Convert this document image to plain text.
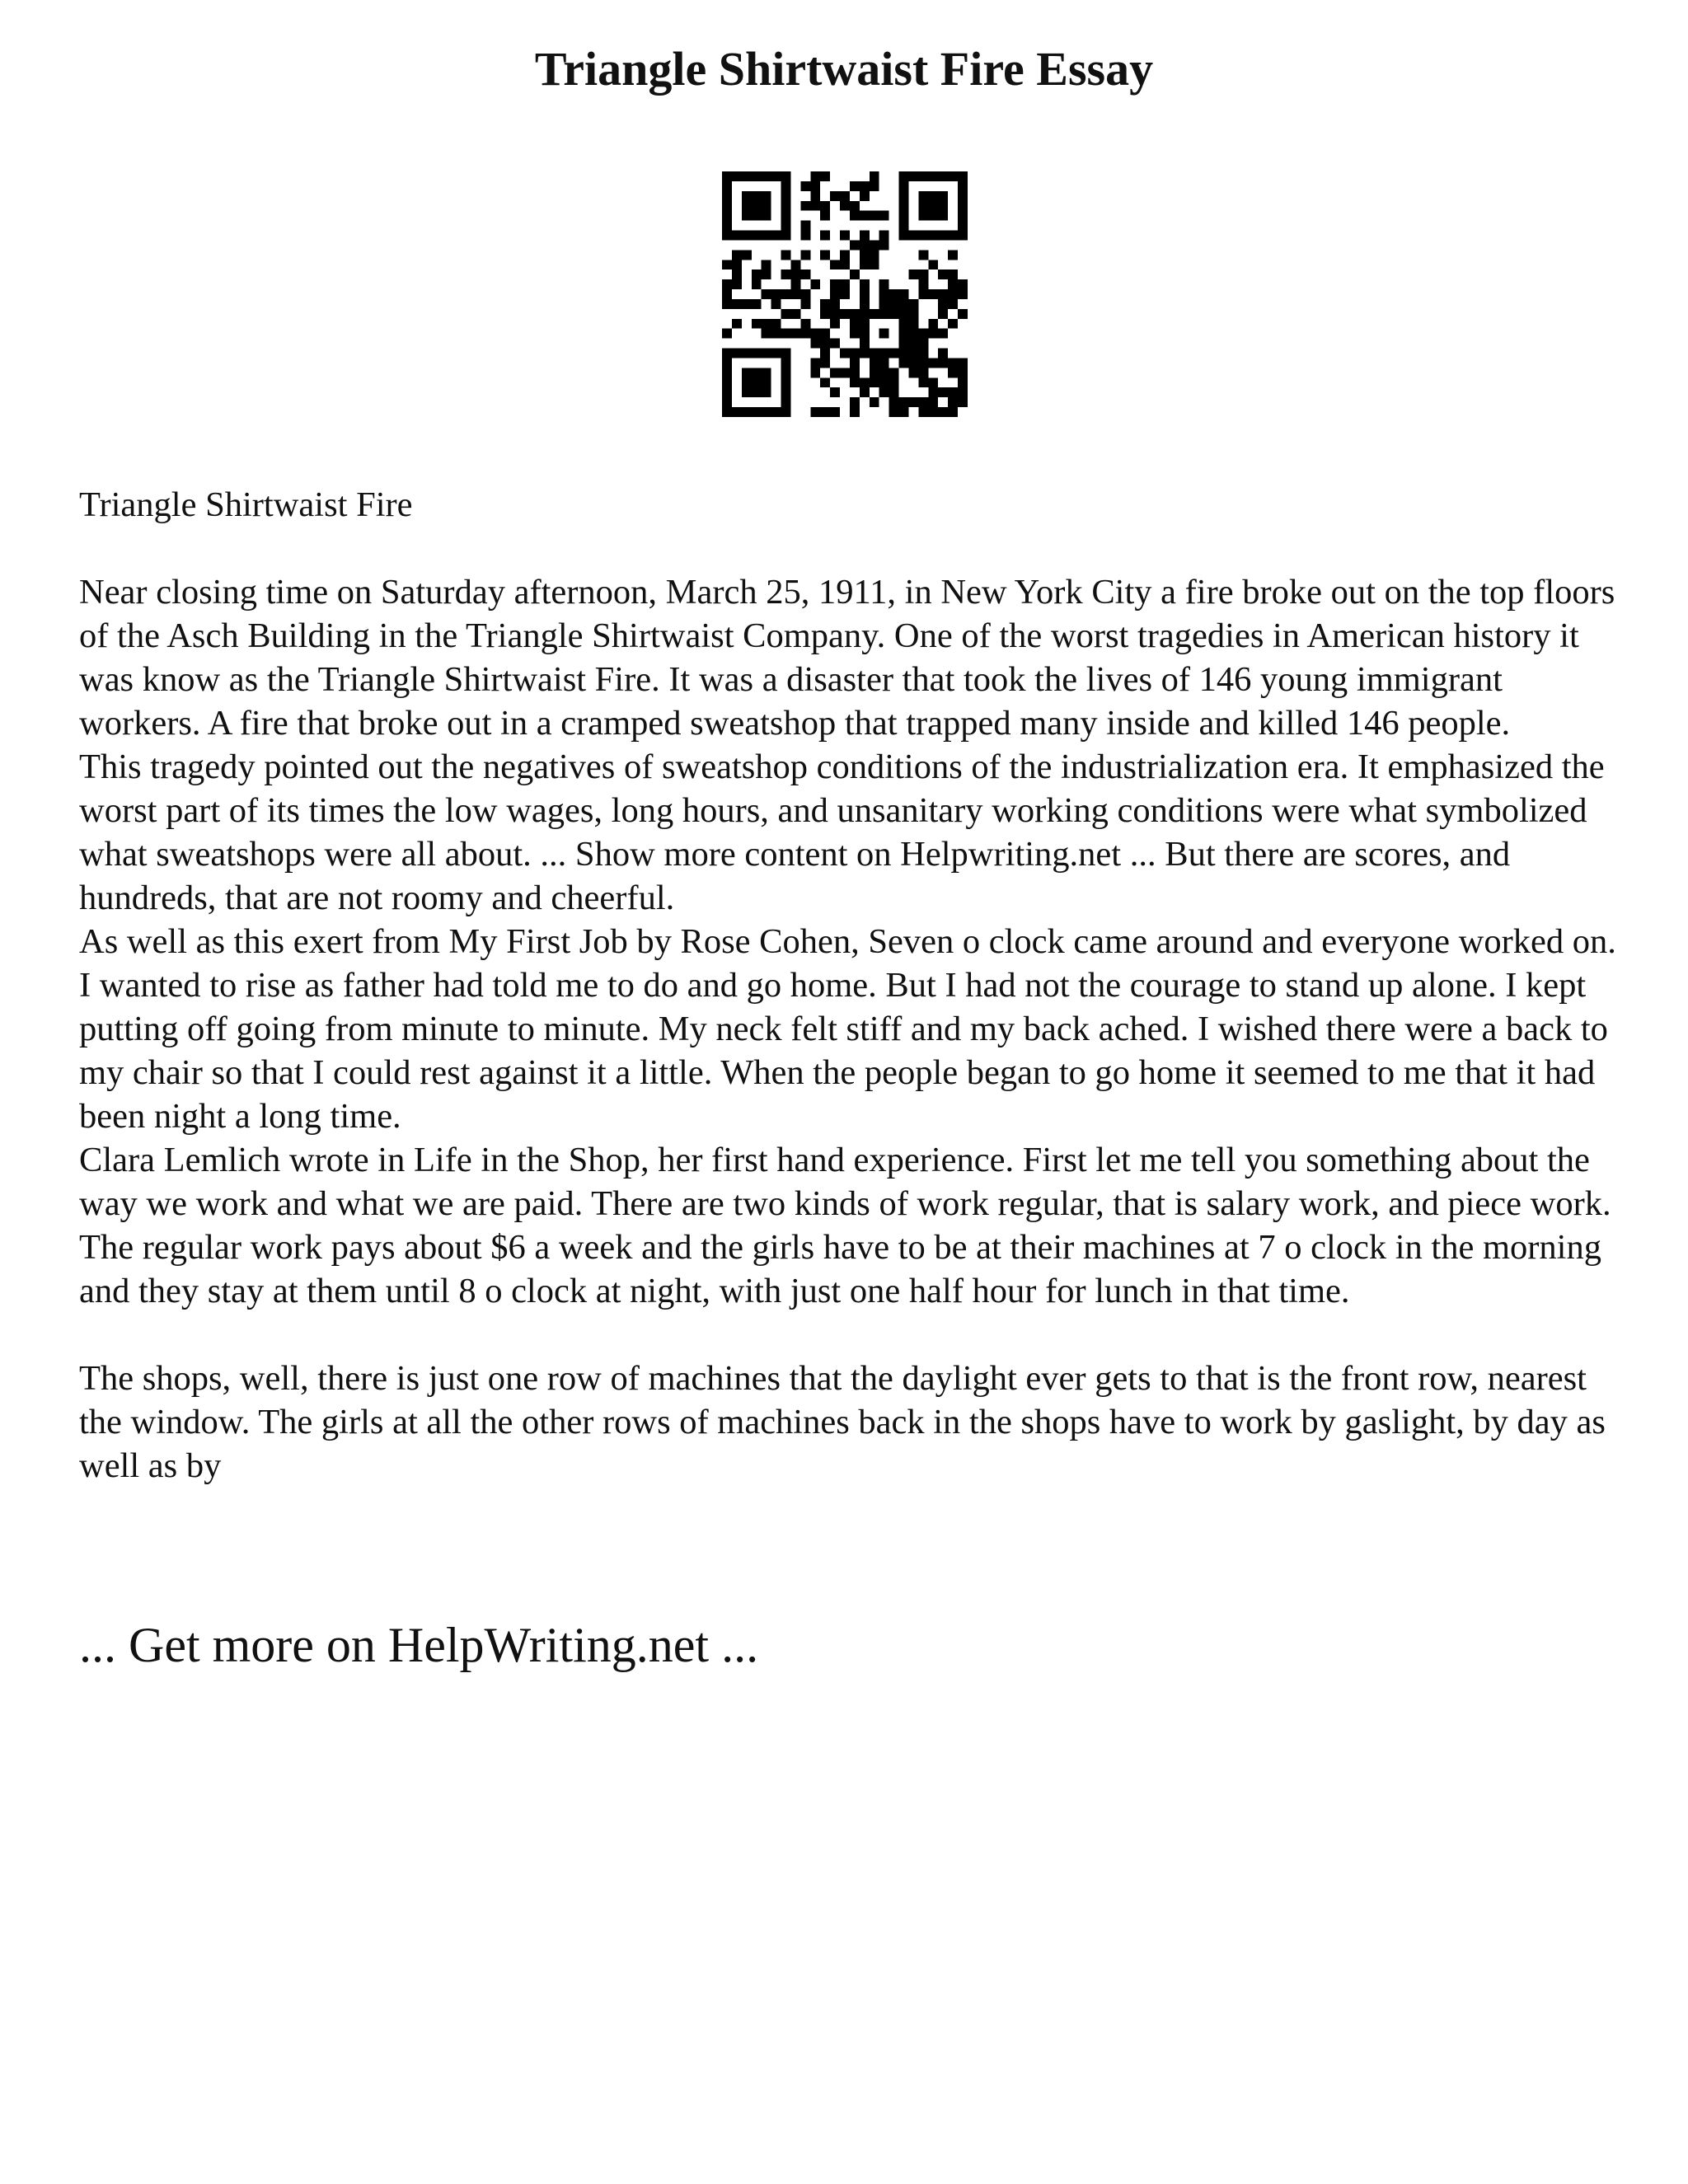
Triangle Shirtwaist Fire Essay

Triangle Shirtwaist Fire

Near closing time on Saturday afternoon, March 25, 1911, in New York City a fire broke out on the top floors of the Asch Building in the Triangle Shirtwaist Company. One of the worst tragedies in American history it was know as the Triangle Shirtwaist Fire. It was a disaster that took the lives of 146 young immigrant workers. A fire that broke out in a cramped sweatshop that trapped many inside and killed 146 people.

This tragedy pointed out the negatives of sweatshop conditions of the industrialization era. It emphasized the worst part of its times the low wages, long hours, and unsanitary working conditions were what symbolized what sweatshops were all about. ... Show more content on Helpwriting.net ... But there are scores, and hundreds, that are not roomy and cheerful.

As well as this exert from My First Job by Rose Cohen, Seven o clock came around and everyone worked on. I wanted to rise as father had told me to do and go home. But I had not the courage to stand up alone. I kept putting off going from minute to minute. My neck felt stiff and my back ached. I wished there were a back to my chair so that I could rest against it a little. When the people began to go home it seemed to me that it had been night a long time.

Clara Lemlich wrote in Life in the Shop, her first hand experience. First let me tell you something about the way we work and what we are paid. There are two kinds of work regular, that is salary work, and piece work. The regular work pays about $6 a week and the girls have to be at their machines at 7 o clock in the morning and they stay at them until 8 o clock at night, with just one half hour for lunch in that time.

The shops, well, there is just one row of machines that the daylight ever gets to that is the front row, nearest the window. The girls at all the other rows of machines back in the shops have to work by gaslight, by day as well as by

... Get more on HelpWriting.net ...
